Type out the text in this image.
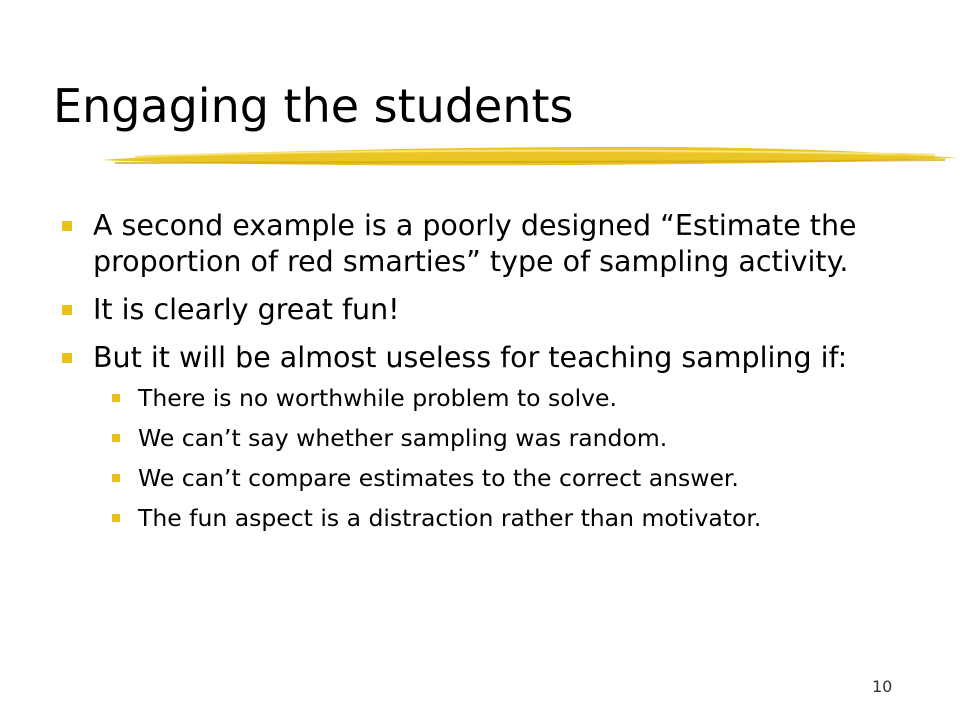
Engaging the students
A second example is a poorly designed “Estimate the proportion of red smarties” type of sampling activity.
It is clearly great fun!
But it will be almost useless for teaching sampling if:
There is no worthwhile problem to solve.
We can’t say whether sampling was random.
We can’t compare estimates to the correct answer.
The fun aspect is a distraction rather than motivator.
10
